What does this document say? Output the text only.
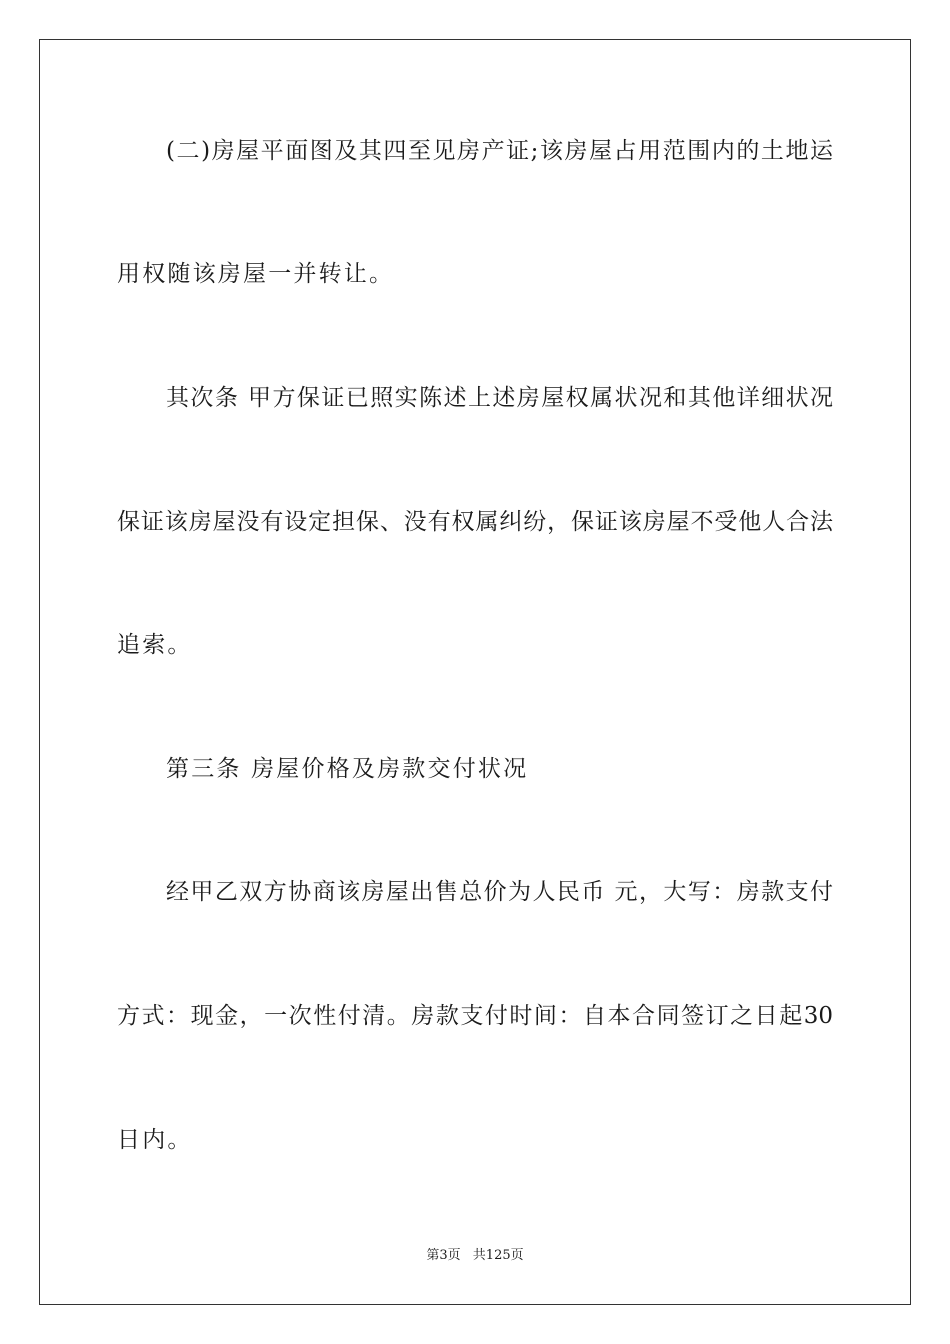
(二)房屋平面图及其四至见房产证;该房屋占用范围内的土地运
用权随该房屋一并转让。
其次条 甲方保证已照实陈述上述房屋权属状况和其他详细状况
保证该房屋没有设定担保、没有权属纠纷，保证该房屋不受他人合法
追索。
第三条 房屋价格及房款交付状况
经甲乙双方协商该房屋出售总价为人民币 元，大写：房款支付
方式：现金，一次性付清。房款支付时间：自本合同签订之日起30
日内。
第3页 共125页
